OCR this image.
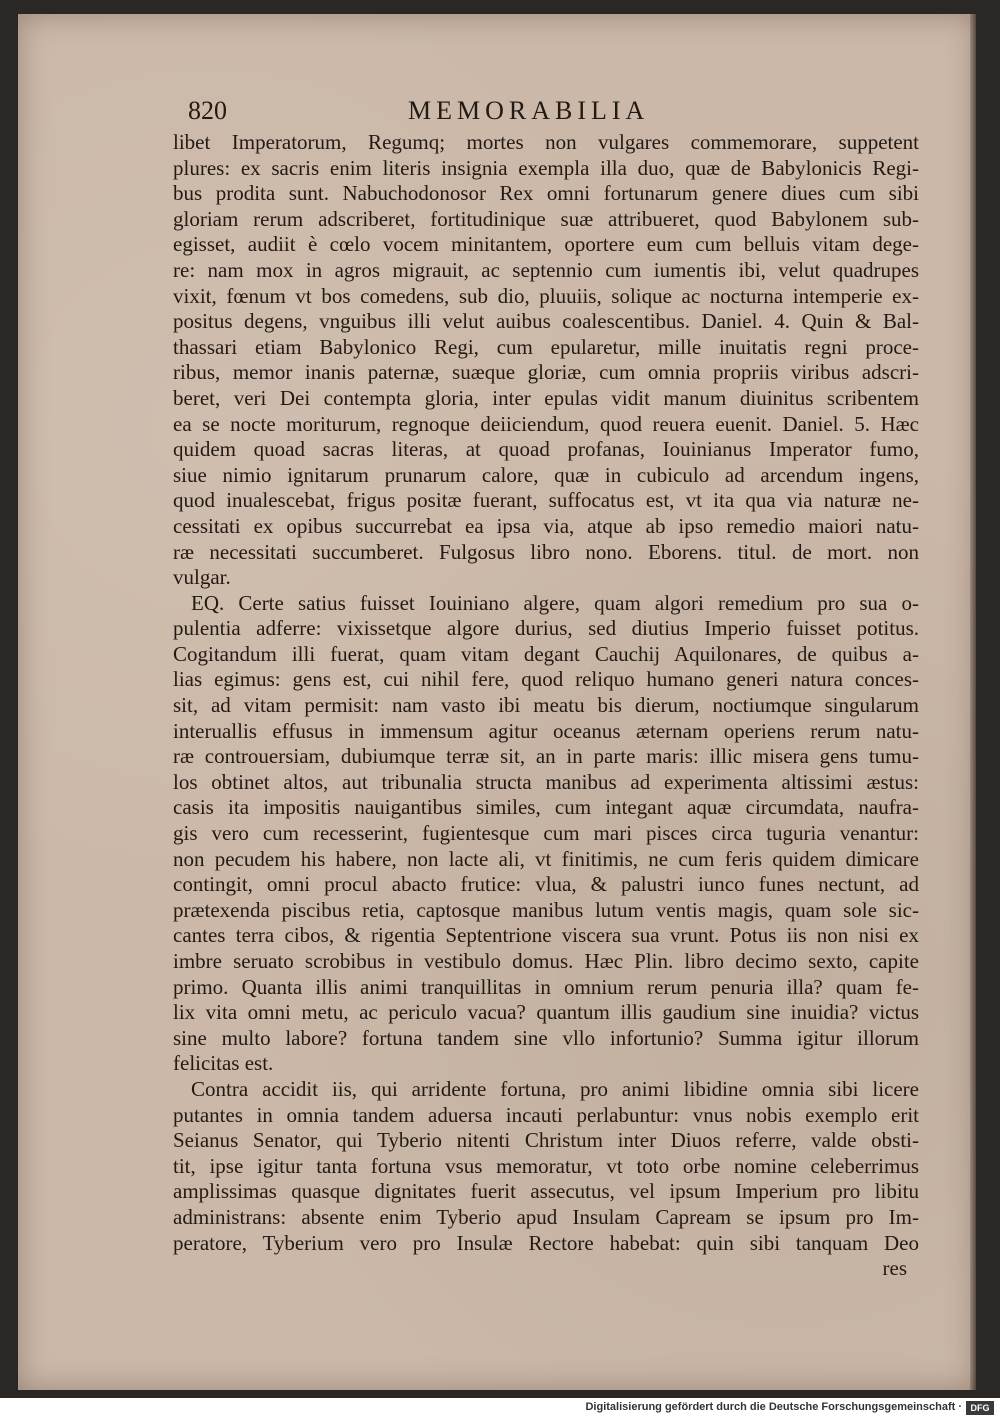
820	MEMORABILIA
libet Imperatorum, Regumq; mortes non vulgares commemorare, suppetent
plures: ex sacris enim literis insignia exempla illa duo, quæ de Babylonicis Regi-
bus prodita sunt. Nabuchodonosor Rex omni fortunarum genere diues cum sibi
gloriam rerum adscriberet, fortitudinique suæ attribueret, quod Babylonem sub-
egisset, audiit è cœlo vocem minitantem, oportere eum cum belluis vitam dege-
re: nam mox in agros migrauit, ac septennio cum iumentis ibi, velut quadrupes
vixit, fœnum vt bos comedens, sub dio, pluuiis, solique ac nocturna intemperie ex-
positus degens, vnguibus illi velut auibus coalescentibus. Daniel. 4. Quin & Bal-
thassari etiam Babylonico Regi, cum epularetur, mille inuitatis regni proce-
ribus, memor inanis paternæ, suæque gloriæ, cum omnia propriis viribus adscri-
beret, veri Dei contempta gloria, inter epulas vidit manum diuinitus scribentem
ea se nocte moriturum, regnoque deiiciendum, quod reuera euenit. Daniel. 5. Hæc
quidem quoad sacras literas, at quoad profanas, Iouinianus Imperator fumo,
siue nimio ignitarum prunarum calore, quæ in cubiculo ad arcendum ingens,
quod inualescebat, frigus positæ fuerant, suffocatus est, vt ita qua via naturæ ne-
cessitati ex opibus succurrebat ea ipsa via, atque ab ipso remedio maiori natu-
ræ necessitati succumberet. Fulgosus libro nono. Eborens. titul. de mort. non
vulgar.
EQ. Certe satius fuisset Iouiniano algere, quam algori remedium pro sua o-
pulentia adferre: vixissetque algore durius, sed diutius Imperio fuisset potitus.
Cogitandum illi fuerat, quam vitam degant Cauchij Aquilonares, de quibus a-
lias egimus: gens est, cui nihil fere, quod reliquo humano generi natura conces-
sit, ad vitam permisit: nam vasto ibi meatu bis dierum, noctiumque singularum
interuallis effusus in immensum agitur oceanus æternam operiens rerum natu-
ræ controuersiam, dubiumque terræ sit, an in parte maris: illic misera gens tumu-
los obtinet altos, aut tribunalia structa manibus ad experimenta altissimi æstus:
casis ita impositis nauigantibus similes, cum integant aquæ circumdata, naufra-
gis vero cum recesserint, fugientesque cum mari pisces circa tuguria venantur:
non pecudem his habere, non lacte ali, vt finitimis, ne cum feris quidem dimicare
contingit, omni procul abacto frutice: vlua, & palustri iunco funes nectunt, ad
prætexenda piscibus retia, captosque manibus lutum ventis magis, quam sole sic-
cantes terra cibos, & rigentia Septentrione viscera sua vrunt. Potus iis non nisi ex
imbre seruato scrobibus in vestibulo domus. Hæc Plin. libro decimo sexto, capite
primo. Quanta illis animi tranquillitas in omnium rerum penuria illa? quam fe-
lix vita omni metu, ac periculo vacua? quantum illis gaudium sine inuidia? victus
sine multo labore? fortuna tandem sine vllo infortunio? Summa igitur illorum
felicitas est.
Contra accidit iis, qui arridente fortuna, pro animi libidine omnia sibi licere
putantes in omnia tandem aduersa incauti perlabuntur: vnus nobis exemplo erit
Seianus Senator, qui Tyberio nitenti Christum inter Diuos referre, valde obsti-
tit, ipse igitur tanta fortuna vsus memoratur, vt toto orbe nomine celeberrimus
amplissimas quasque dignitates fuerit assecutus, vel ipsum Imperium pro libitu
administrans: absente enim Tyberio apud Insulam Capream se ipsum pro Im-
peratore, Tyberium vero pro Insulæ Rectore habebat: quin sibi tanquam Deo
res
Digitalisierung gefördert durch die Deutsche Forschungsgemeinschaft · DFG
